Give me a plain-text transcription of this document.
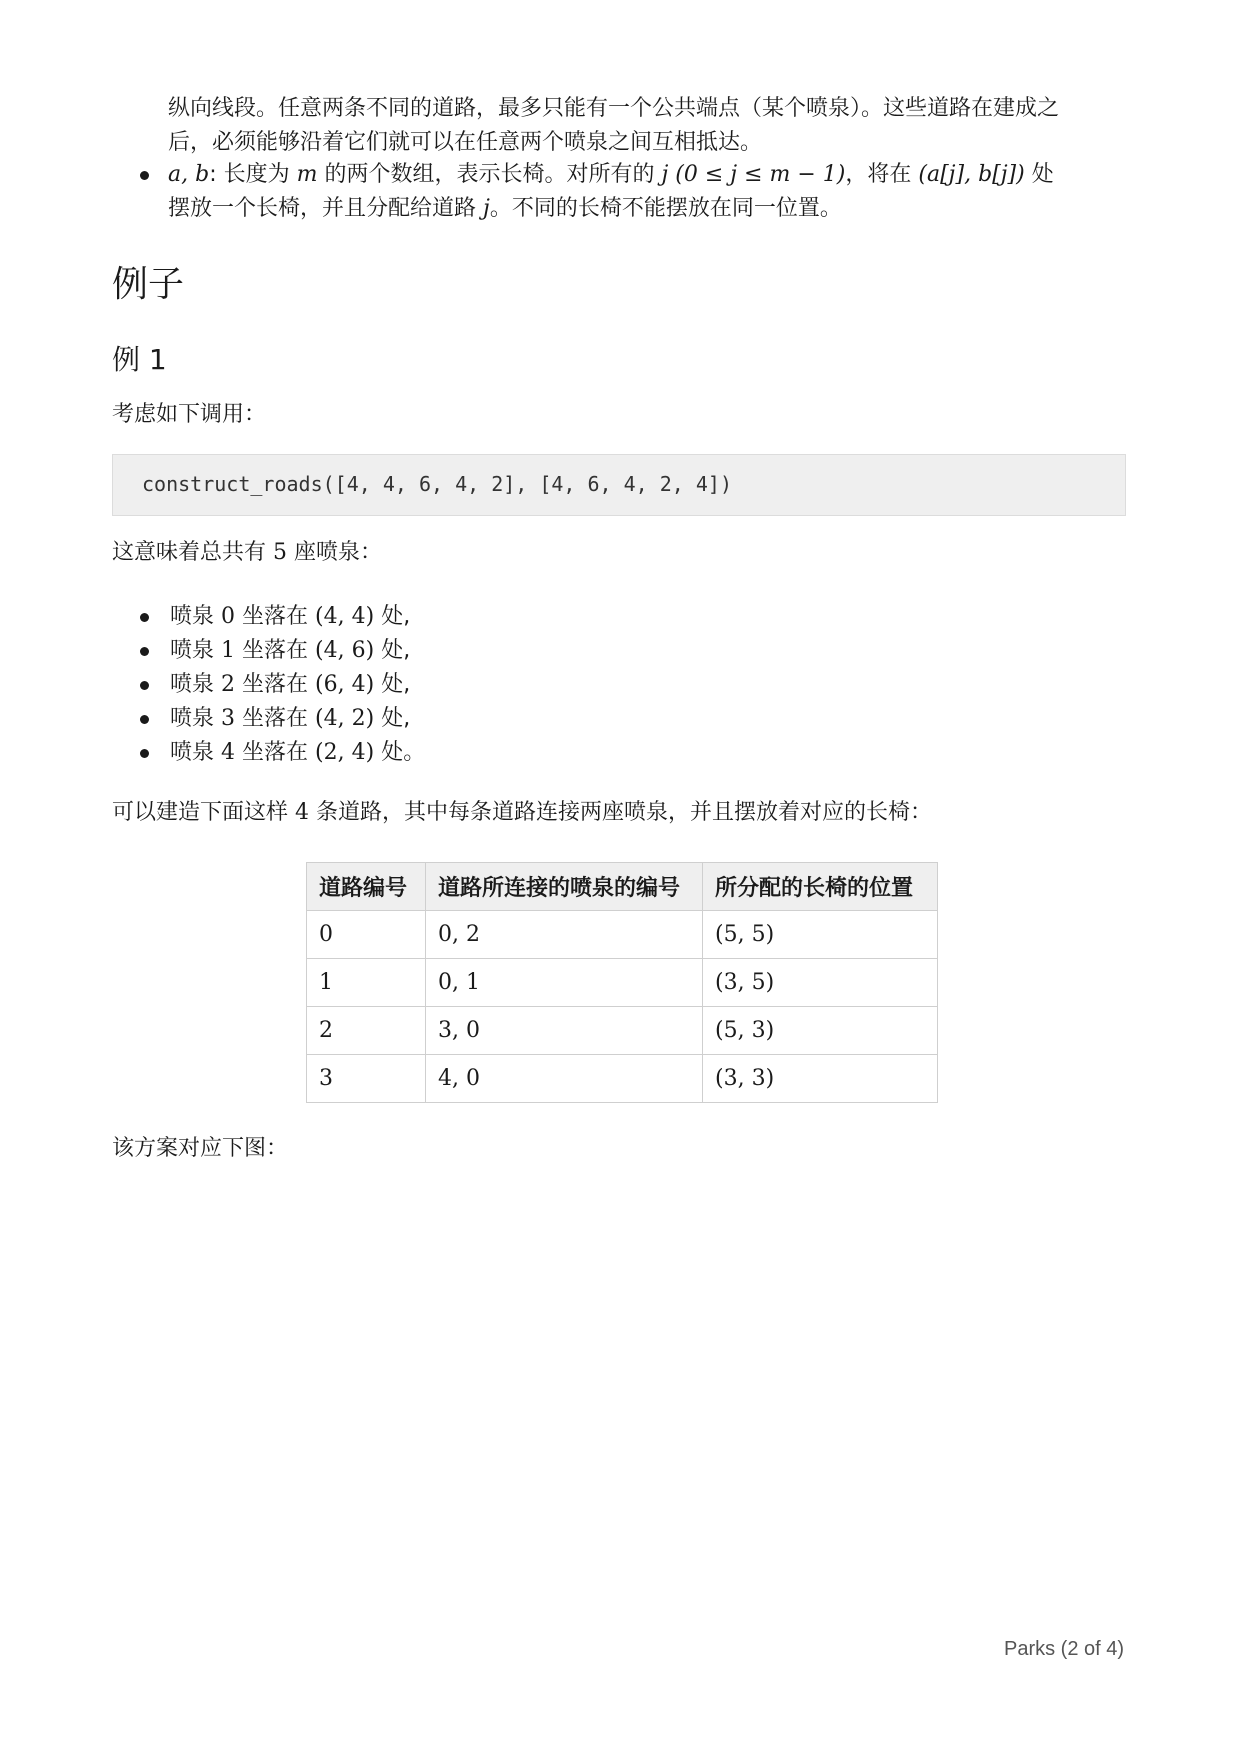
纵向线段。任意两条不同的道路，最多只能有一个公共端点（某个喷泉）。这些道路在建成之

后，必须能够沿着它们就可以在任意两个喷泉之间互相抵达。

a, b: 长度为 m 的两个数组，表示长椅。对所有的 j (0 ≤ j ≤ m − 1)，将在 (a[j], b[j]) 处
摆放一个长椅，并且分配给道路 j。不同的长椅不能摆放在同一位置。
例子
例 1

考虑如下调用：

construct_roads([4, 4, 6, 4, 2], [4, 6, 4, 2, 4])

这意味着总共有 5 座喷泉：

喷泉 0 坐落在 (4, 4) 处,
喷泉 1 坐落在 (4, 6) 处,
喷泉 2 坐落在 (6, 4) 处,
喷泉 3 坐落在 (4, 2) 处,
喷泉 4 坐落在 (2, 4) 处。

可以建造下面这样 4 条道路，其中每条道路连接两座喷泉，并且摆放着对应的长椅：

道路编号	道路所连接的喷泉的编号	所分配的长椅的位置
0	0, 2	(5, 5)
1	0, 1	(3, 5)
2	3, 0	(5, 3)
3	4, 0	(3, 3)

该方案对应下图：

Parks (2 of 4)
